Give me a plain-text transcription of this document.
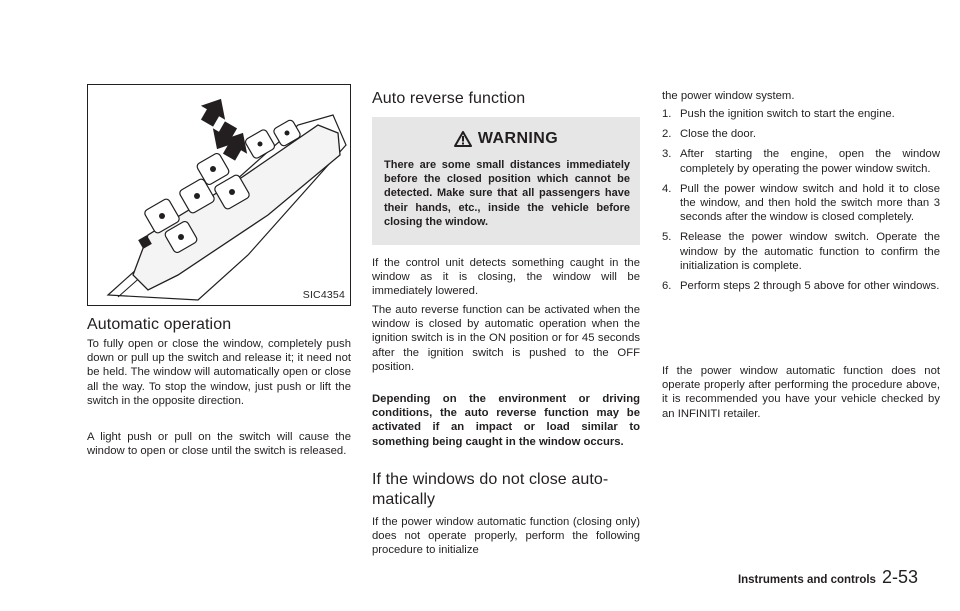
SIC4354
Automatic operation

To fully open or close the window, completely push down or pull up the switch and release it; it need not be held. The window will automatically open or close all the way. To stop the window, just push or lift the switch in the opposite direction.

A light push or pull on the switch will cause the window to open or close until the switch is released.

Auto reverse function
WARNING
There are some small distances immediately before the closed position which cannot be detected. Make sure that all passengers have their hands, etc., inside the vehicle before closing the window.

If the control unit detects something caught in the window as it is closing, the window will be immediately lowered.

The auto reverse function can be activated when the window is closed by automatic operation when the ignition switch is in the ON position or for 45 seconds after the ignition switch is pushed to the OFF position.

Depending on the environment or driving conditions, the auto reverse function may be activated if an impact or load similar to something being caught in the window occurs.

If the windows do not close auto-
matically

If the power window automatic function (closing only) does not operate properly, perform the following procedure to initialize

the power window system.

1. Push the ignition switch to start the engine.
2. Close the door.
3. After starting the engine, open the window completely by operating the power window switch.
4. Pull the power window switch and hold it to close the window, and then hold the switch more than 3 seconds after the window is closed completely.
5. Release the power window switch. Operate the window by the automatic function to confirm the initialization is complete.
6. Perform steps 2 through 5 above for other windows.

If the power window automatic function does not operate properly after performing the procedure above, it is recommended you have your vehicle checked by an INFINITI retailer.

Instruments and controls 2-53
